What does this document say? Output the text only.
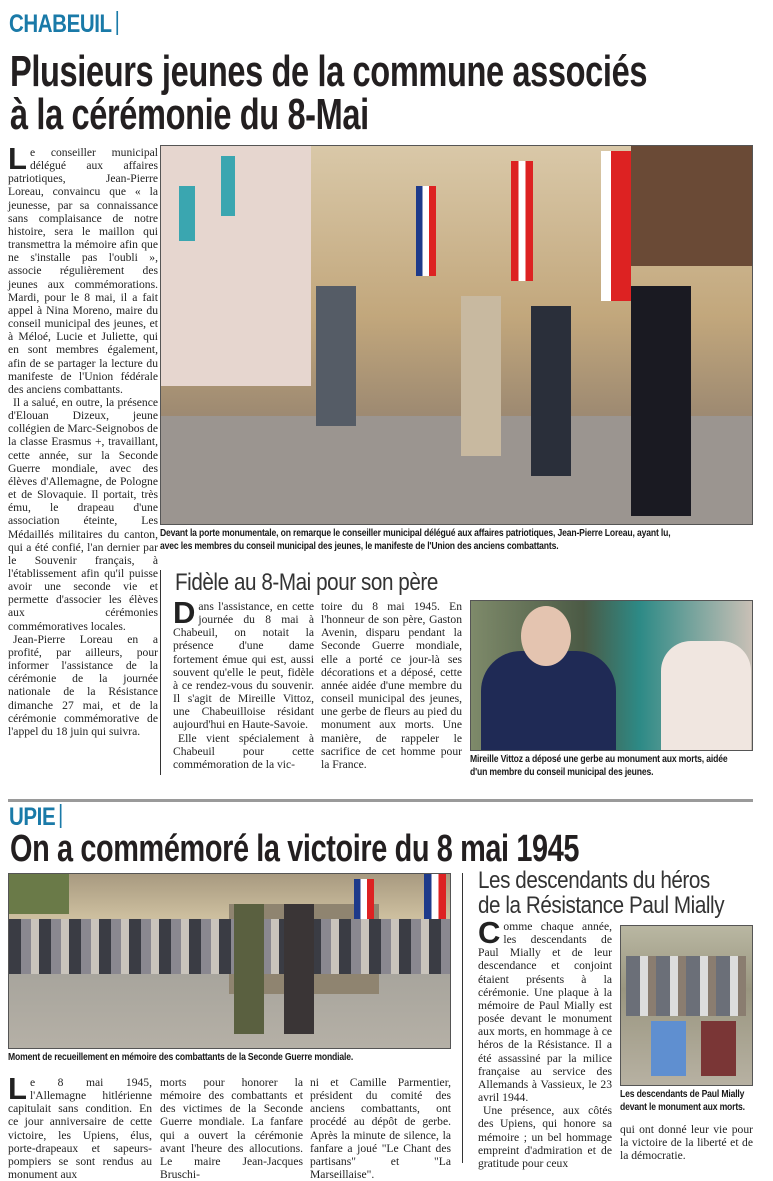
CHABEUIL
Plusieurs jeunes de la commune associés
à la cérémonie du 8-Mai

Le conseiller municipal délégué aux affaires patriotiques, Jean-Pierre Loreau, convaincu que « la jeunesse, par sa connaissance sans complaisance de notre histoire, sera le maillon qui transmettra la mémoire afin que ne s'installe pas l'oubli », associe régulièrement des jeunes aux commémorations. Mardi, pour le 8 mai, il a fait appel à Nina Moreno, maire du conseil municipal des jeunes, et à Méloé, Lucie et Juliette, qui en sont membres également, afin de se partager la lecture du manifeste de l'Union fédérale des anciens combattants.

Il a salué, en outre, la présence d'Elouan Dizeux, jeune collégien de Marc-Seignobos de la classe Erasmus +, travaillant, cette année, sur la Seconde Guerre mondiale, avec des élèves d'Allemagne, de Pologne et de Slovaquie. Il portait, très ému, le drapeau d'une association éteinte, Les Médaillés militaires du canton, qui a été confié, l'an dernier par le Souvenir français, à l'établissement afin qu'il puisse avoir une seconde vie et permette d'associer les élèves aux cérémonies commémoratives locales.

Jean-Pierre Loreau en a profité, par ailleurs, pour informer l'assistance de la cérémonie de la journée nationale de la Résistance dimanche 27 mai, et de la cérémonie commémorative de l'appel du 18 juin qui suivra.

Devant la porte monumentale, on remarque le conseiller municipal délégué aux affaires patriotiques, Jean-Pierre Loreau, ayant lu,
avec les membres du conseil municipal des jeunes, le manifeste de l'Union des anciens combattants.
Fidèle au 8-Mai pour son père

Dans l'assistance, en cette journée du 8 mai à Chabeuil, on notait la présence d'une dame fortement émue qui est, aussi souvent qu'elle le peut, fidèle à ce rendez-vous du souvenir. Il s'agit de Mireille Vittoz, une Chabeuilloise résidant aujourd'hui en Haute-Savoie.

Elle vient spécialement à Chabeuil pour cette commémoration de la vic-

toire du 8 mai 1945. En l'honneur de son père, Gaston Avenin, disparu pendant la Seconde Guerre mondiale, elle a porté ce jour-là ses décorations et a déposé, cette année aidée d'une membre du conseil municipal des jeunes, une gerbe de fleurs au pied du monument aux morts. Une manière, de rappeler le sacrifice de cet homme pour la France.	Mireille Vittoz a déposé une gerbe au monument aux morts, aidée
d'un membre du conseil municipal des jeunes.
UPIE
On a commémoré la victoire du 8 mai 1945
Moment de recueillement en mémoire des combattants de la Seconde Guerre mondiale.

Le 8 mai 1945, l'Allemagne hitlérienne capitulait sans condition. En ce jour anniversaire de cette victoire, les Upiens, élus, porte-drapeaux et sapeurs-pompiers se sont rendus au monument aux

morts pour honorer la mémoire des combattants et des victimes de la Seconde Guerre mondiale. La fanfare qui a ouvert la cérémonie avant l'heure des allocutions. Le maire Jean-Jacques Bruschi-

ni et Camille Parmentier, président du comité des anciens combattants, ont procédé au dépôt de gerbe. Après la minute de silence, la fanfare a joué "Le Chant des partisans" et "La Marseillaise".

Les descendants du héros
de la Résistance Paul Mially

Comme chaque année, les descendants de Paul Mially et de leur descendance et conjoint étaient présents à la cérémonie. Une plaque à la mémoire de Paul Mially est posée devant le monument aux morts, en hommage à ce héros de la Résistance. Il a été assassiné par la milice française au service des Allemands à Vassieux, le 23 avril 1944.

Une présence, aux côtés des Upiens, qui honore sa mémoire ; un bel hommage empreint d'admiration et de gratitude pour ceux

Les descendants de Paul Mially
devant le monument aux morts.

qui ont donné leur vie pour la victoire de la liberté et de la démocratie.
